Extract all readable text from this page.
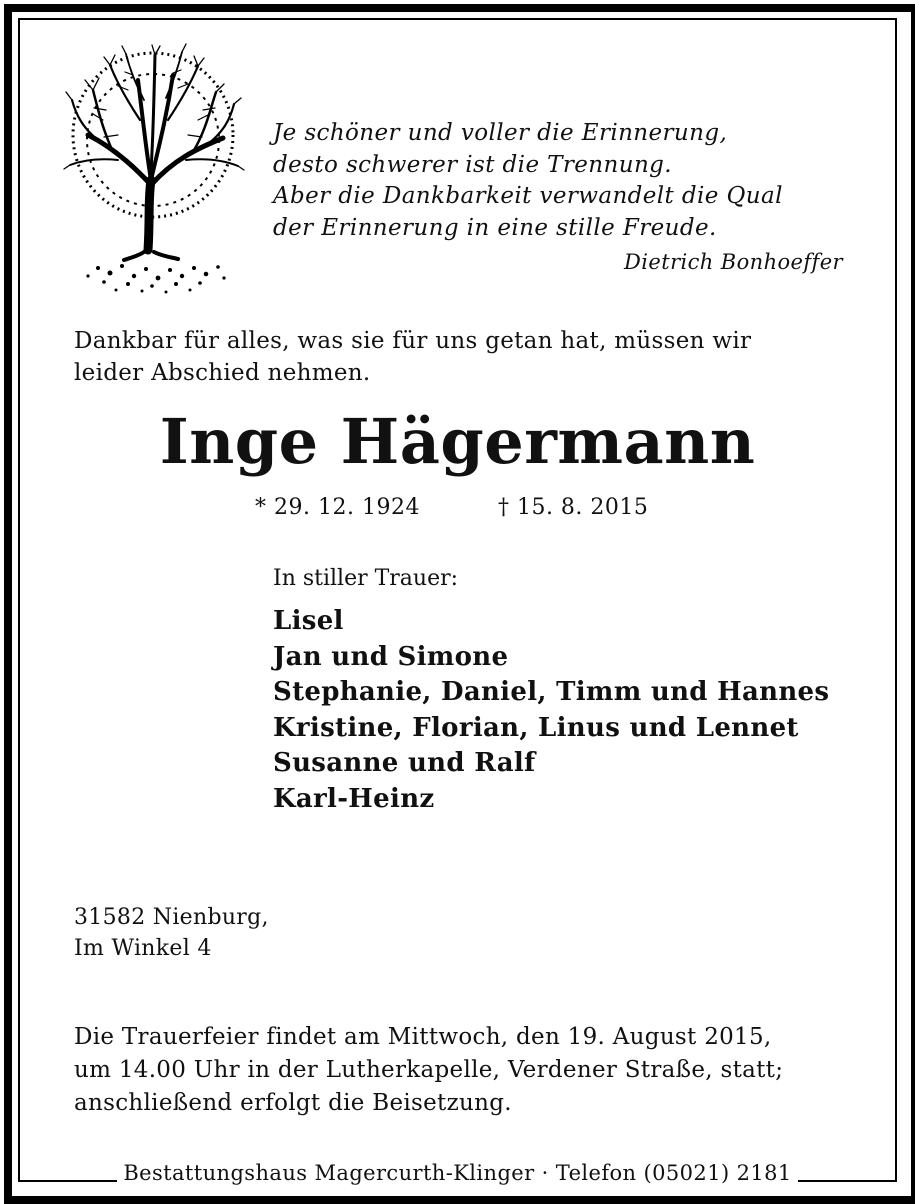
Je schöner und voller die Erinnerung,
desto schwerer ist die Trennung.
Aber die Dankbarkeit verwandelt die Qual
der Erinnerung in eine stille Freude.
Dietrich Bonhoeffer
Dankbar für alles, was sie für uns getan hat, müssen wir
leider Abschied nehmen.
Inge Hägermann
* 29. 12. 1924	† 15. 8. 2015
In stiller Trauer:
Lisel
Jan und Simone
Stephanie, Daniel, Timm und Hannes
Kristine, Florian, Linus und Lennet
Susanne und Ralf
Karl-Heinz
31582 Nienburg,
Im Winkel 4
Die Trauerfeier findet am Mittwoch, den 19. August 2015,
um 14.00 Uhr in der Lutherkapelle, Verdener Straße, statt;
anschließend erfolgt die Beisetzung.
Bestattungshaus Magercurth-Klinger · Telefon (05021) 2181
